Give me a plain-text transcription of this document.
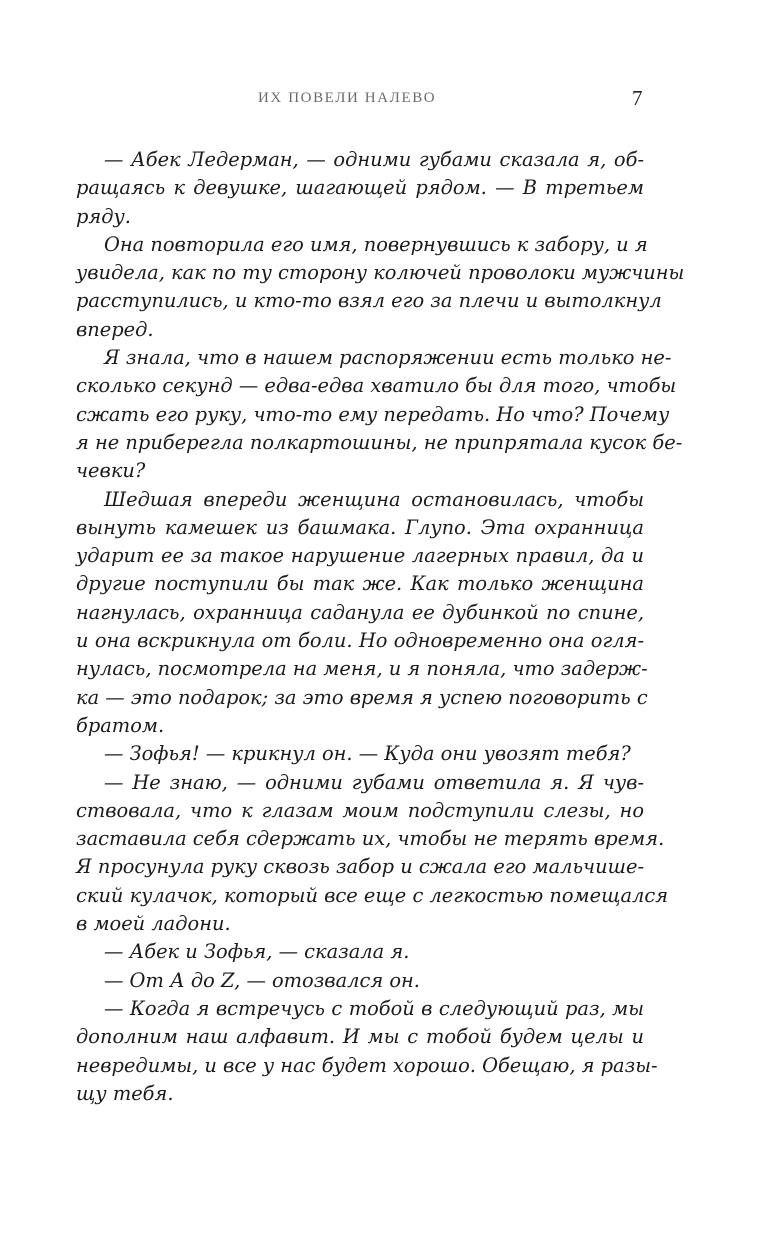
ИХ ПОВЕЛИ НАЛЕВО	7
— Абек Ледерман, — одними губами сказала я, об-
ращаясь к девушке, шагающей рядом. — В третьем
ряду.
Она повторила его имя, повернувшись к забору, и я
увидела, как по ту сторону колючей проволоки мужчины
расступились, и кто-то взял его за плечи и вытолкнул
вперед.
Я знала, что в нашем распоряжении есть только не-
сколько секунд — едва-едва хватило бы для того, чтобы
сжать его руку, что-то ему передать. Но что? Почему
я не приберегла полкартошины, не припрятала кусок бе-
чевки?
Шедшая впереди женщина остановилась, чтобы
вынуть камешек из башмака. Глупо. Эта охранница
ударит ее за такое нарушение лагерных правил, да и
другие поступили бы так же. Как только женщина
нагнулась, охранница саданула ее дубинкой по спине,
и она вскрикнула от боли. Но одновременно она огля-
нулась, посмотрела на меня, и я поняла, что задерж-
ка — это подарок; за это время я успею поговорить с
братом.
— Зофья! — крикнул он. — Куда они увозят тебя?
— Не знаю, — одними губами ответила я. Я чув-
ствовала, что к глазам моим подступили слезы, но
заставила себя сдержать их, чтобы не терять время.
Я просунула руку сквозь забор и сжала его мальчише-
ский кулачок, который все еще с легкостью помещался
в моей ладони.
— Абек и Зофья, — сказала я.
— От А до Z, — отозвался он.
— Когда я встречусь с тобой в следующий раз, мы
дополним наш алфавит. И мы с тобой будем целы и
невредимы, и все у нас будет хорошо. Обещаю, я разы-
щу тебя.
